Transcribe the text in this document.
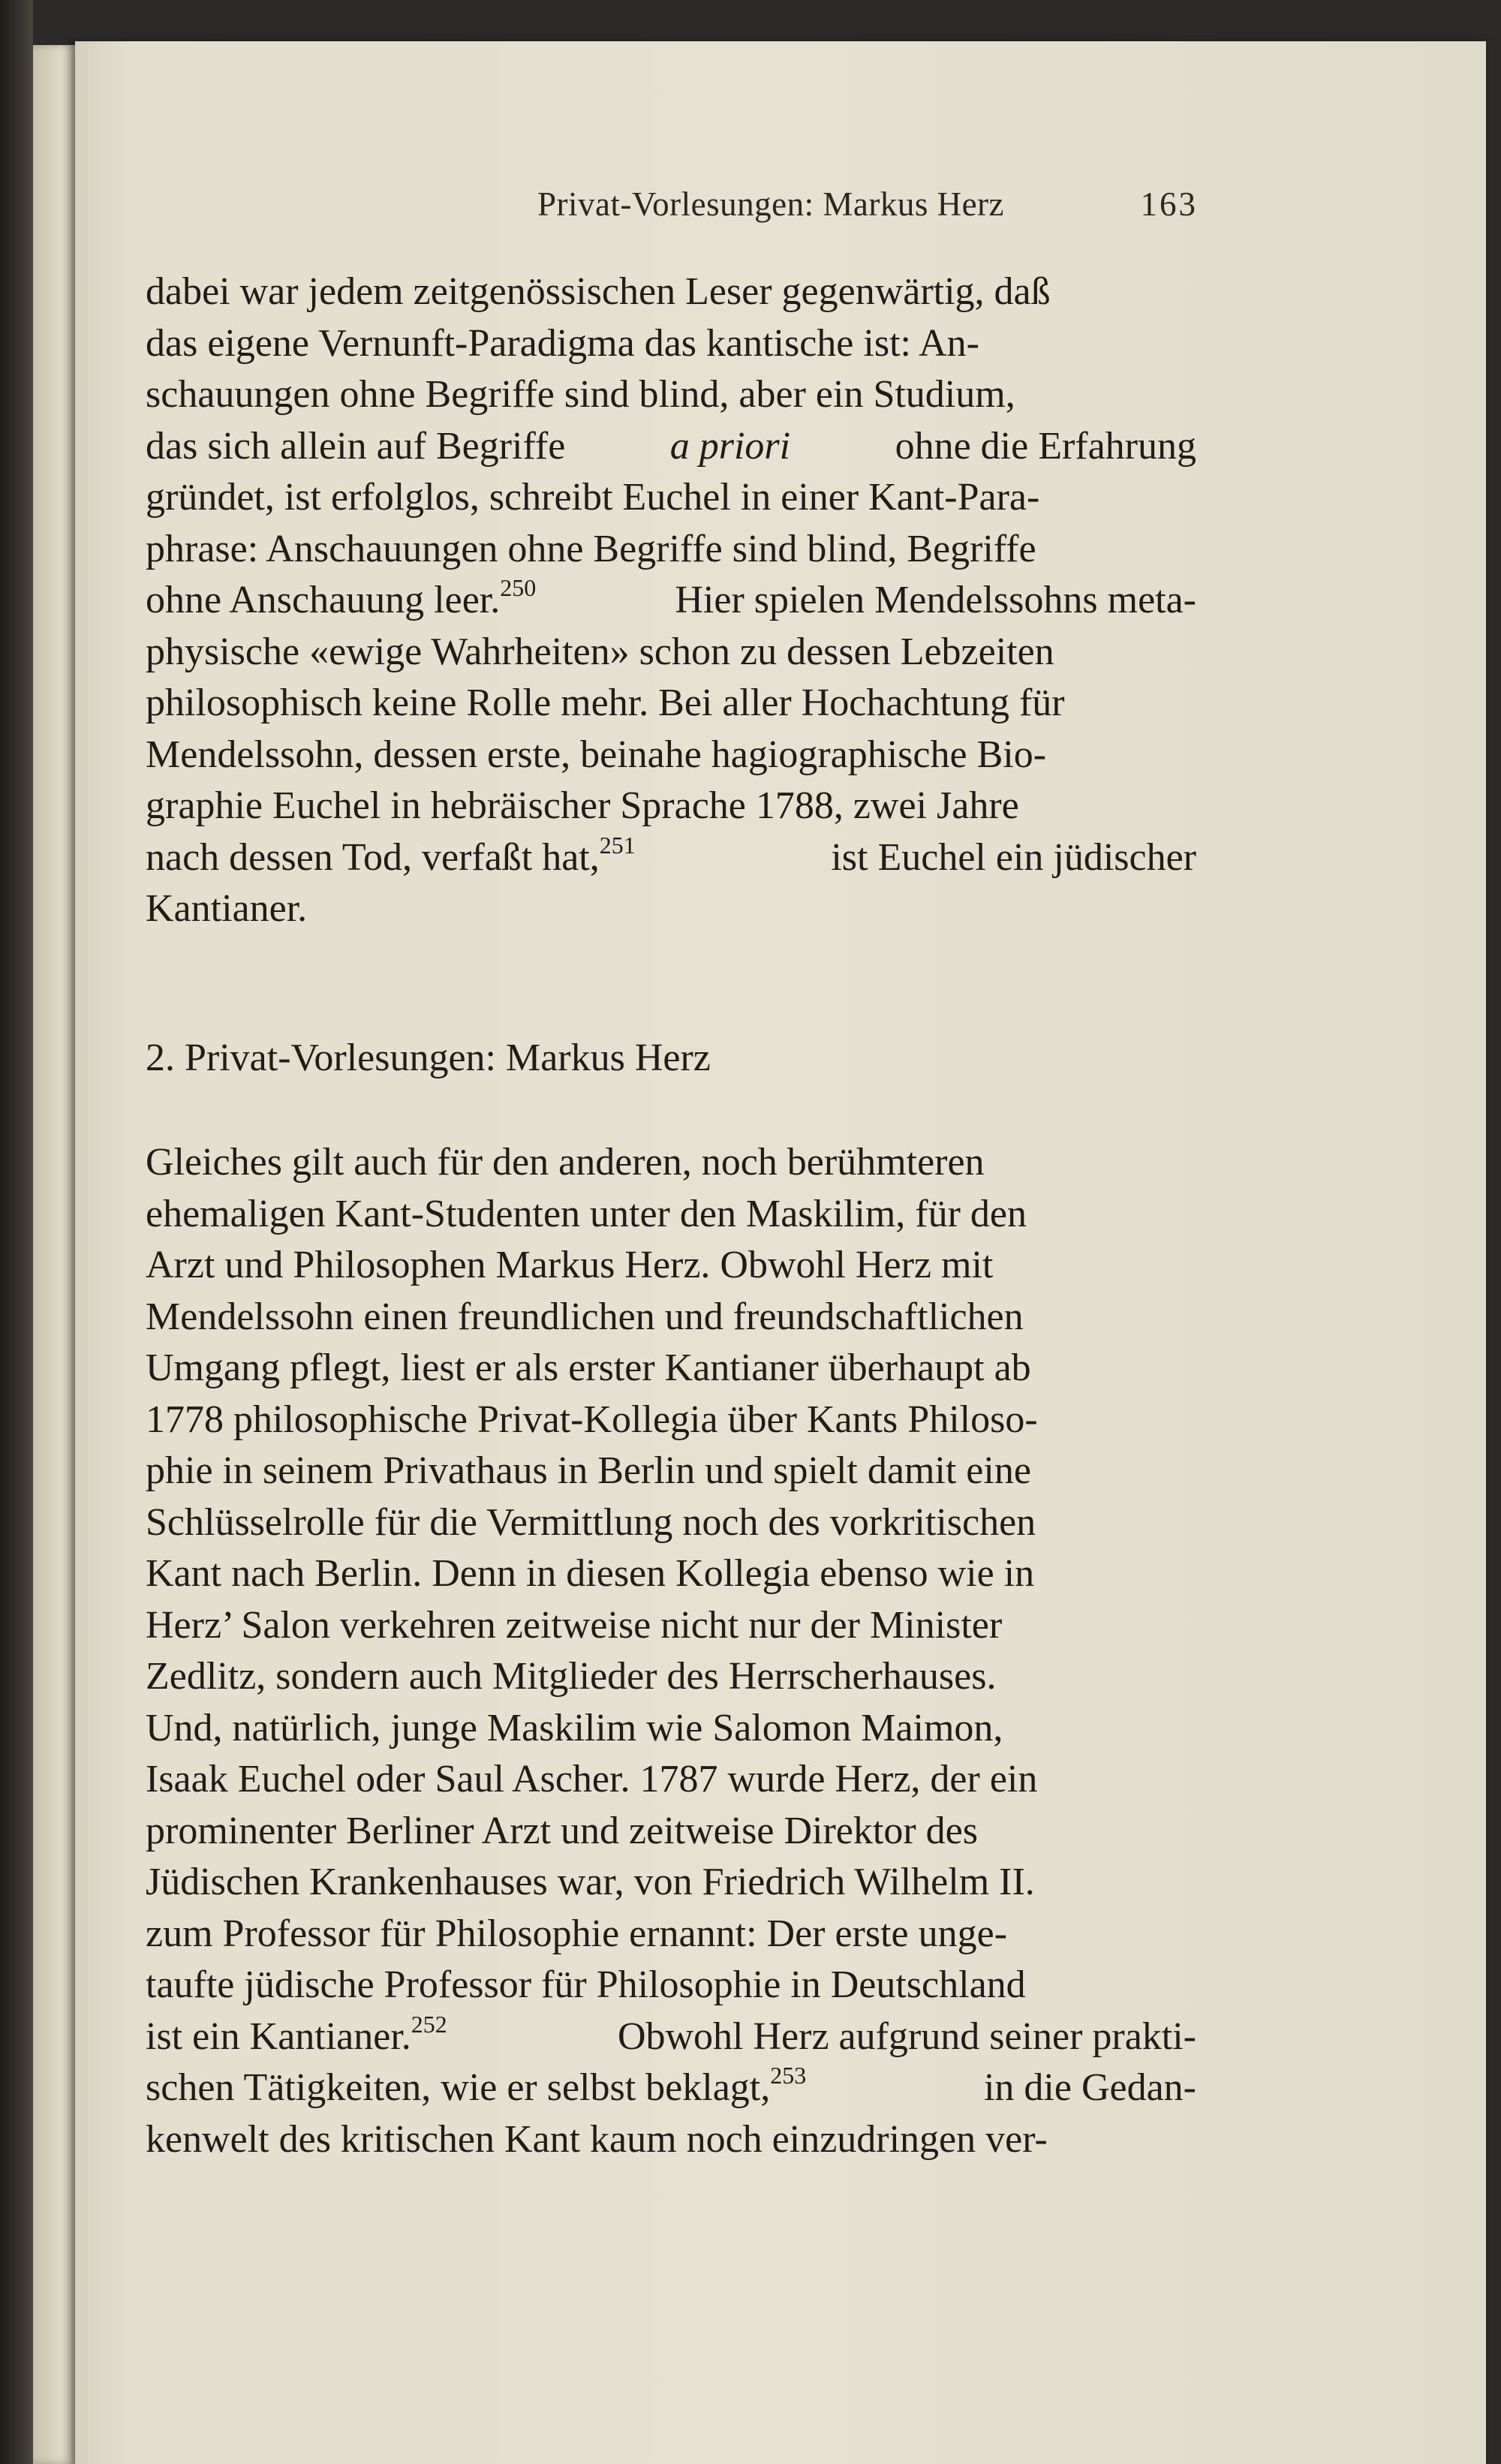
Privat-Vorlesungen: Markus Herz	163
dabei war jedem zeitgenössischen Leser gegenwärtig, daß
das eigene Vernunft-Paradigma das kantische ist: An-
schauungen ohne Begriffe sind blind, aber ein Studium,
das sich allein auf Begriffe	a priori	ohne die Erfahrung
gründet, ist erfolglos, schreibt Euchel in einer Kant-Para-
phrase: Anschauungen ohne Begriffe sind blind, Begriffe
ohne Anschauung leer.$^{250}$	Hier spielen Mendelssohns meta-
physische «ewige Wahrheiten» schon zu dessen Lebzeiten
philosophisch keine Rolle mehr. Bei aller Hochachtung für
Mendelssohn, dessen erste, beinahe hagiographische Bio-
graphie Euchel in hebräischer Sprache 1788, zwei Jahre
nach dessen Tod, verfaßt hat,$^{251}$	ist Euchel ein jüdischer
Kantianer.
2. Privat-Vorlesungen: Markus Herz
Gleiches gilt auch für den anderen, noch berühmteren
ehemaligen Kant-Studenten unter den Maskilim, für den
Arzt und Philosophen Markus Herz. Obwohl Herz mit
Mendelssohn einen freundlichen und freundschaftlichen
Umgang pflegt, liest er als erster Kantianer überhaupt ab
1778 philosophische Privat-Kollegia über Kants Philoso-
phie in seinem Privathaus in Berlin und spielt damit eine
Schlüsselrolle für die Vermittlung noch des vorkritischen
Kant nach Berlin. Denn in diesen Kollegia ebenso wie in
Herz’ Salon verkehren zeitweise nicht nur der Minister
Zedlitz, sondern auch Mitglieder des Herrscherhauses.
Und, natürlich, junge Maskilim wie Salomon Maimon,
Isaak Euchel oder Saul Ascher. 1787 wurde Herz, der ein
prominenter Berliner Arzt und zeitweise Direktor des
Jüdischen Krankenhauses war, von Friedrich Wilhelm II.
zum Professor für Philosophie ernannt: Der erste unge-
taufte jüdische Professor für Philosophie in Deutschland
ist ein Kantianer.$^{252}$	Obwohl Herz aufgrund seiner prakti-
schen Tätigkeiten, wie er selbst beklagt,$^{253}$	in die Gedan-
kenwelt des kritischen Kant kaum noch einzudringen ver-
